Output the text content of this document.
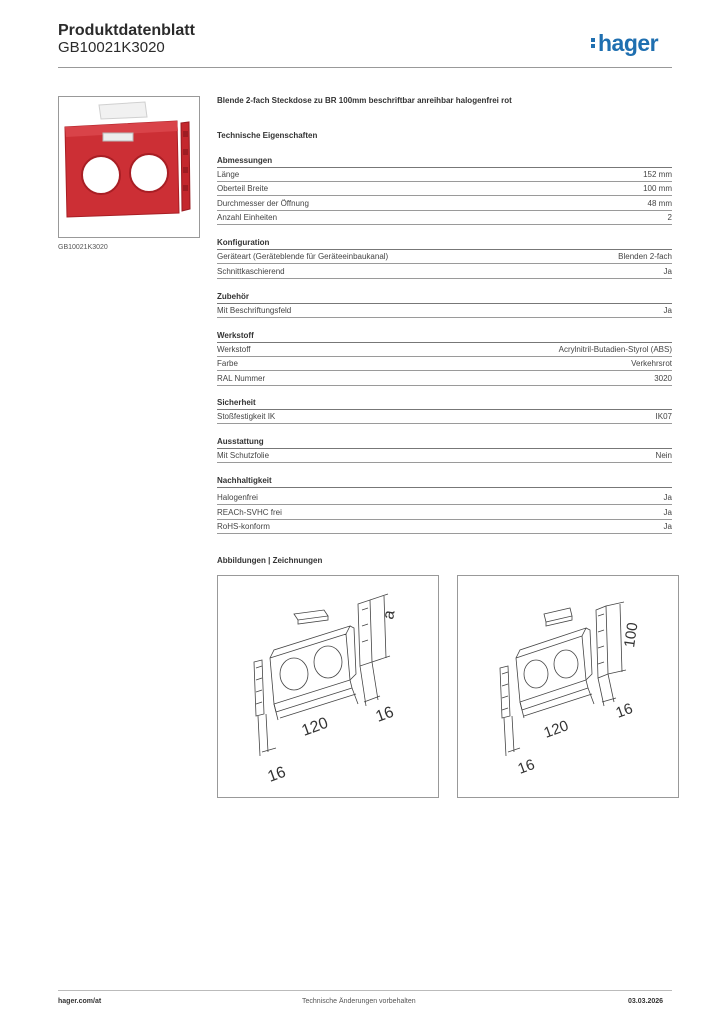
Produktdatenblatt
GB10021K3020	hager
GB10021K3020
Blende 2-fach Steckdose zu BR 100mm beschriftbar anreihbar halogenfrei rot
Technische Eigenschaften
Abmessungen
Länge	152 mm
Oberteil Breite	100 mm
Durchmesser der Öffnung	48 mm
Anzahl Einheiten	2
Konfiguration
Geräteart (Geräteblende für Geräteeinbaukanal)	Blenden 2-fach
Schnittkaschierend	Ja
Zubehör
Mit Beschriftungsfeld	Ja
Werkstoff
Werkstoff	Acrylnitril-Butadien-Styrol (ABS)
Farbe	Verkehrsrot
RAL Nummer	3020
Sicherheit
Stoßfestigkeit IK	IK07
Ausstattung
Mit Schutzfolie	Nein
Nachhaltigkeit
Halogenfrei	Ja
REACh-SVHC frei	Ja
RoHS-konform	Ja
Abbildungen | Zeichnungen
a
120	16
16
100
120
16
16
hager.com/at	Technische Änderungen vorbehalten	03.03.2026
